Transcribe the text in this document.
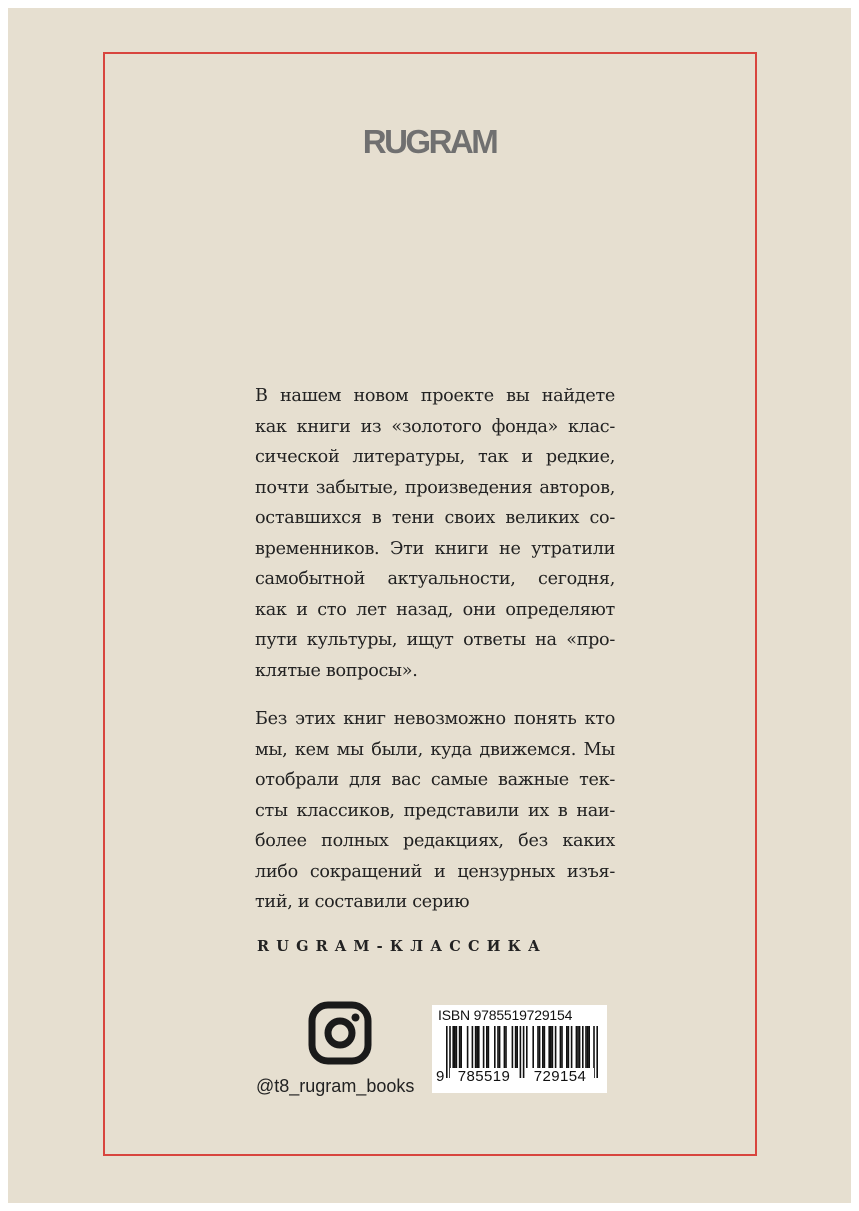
RUGRAM
В нашем новом проекте вы найдете
как книги из «золотого фонда» клас-
сической литературы, так и редкие,
почти забытые, произведения авторов,
оставшихся в тени своих великих со-
временников. Эти книги не утратили
самобытной актуальности, сегодня,
как и сто лет назад, они определяют
пути культуры, ищут ответы на «про-
клятые вопросы».
Без этих книг невозможно понять кто
мы, кем мы были, куда движемся. Мы
отобрали для вас самые важные тек-
сты классиков, представили их в наи-
более полных редакциях, без каких
либо сокращений и цензурных изъя-
тий, и составили серию
RUGRAM-КЛАССИКА
@t8_rugram_books
ISBN 9785519729154
9 785519	729154
